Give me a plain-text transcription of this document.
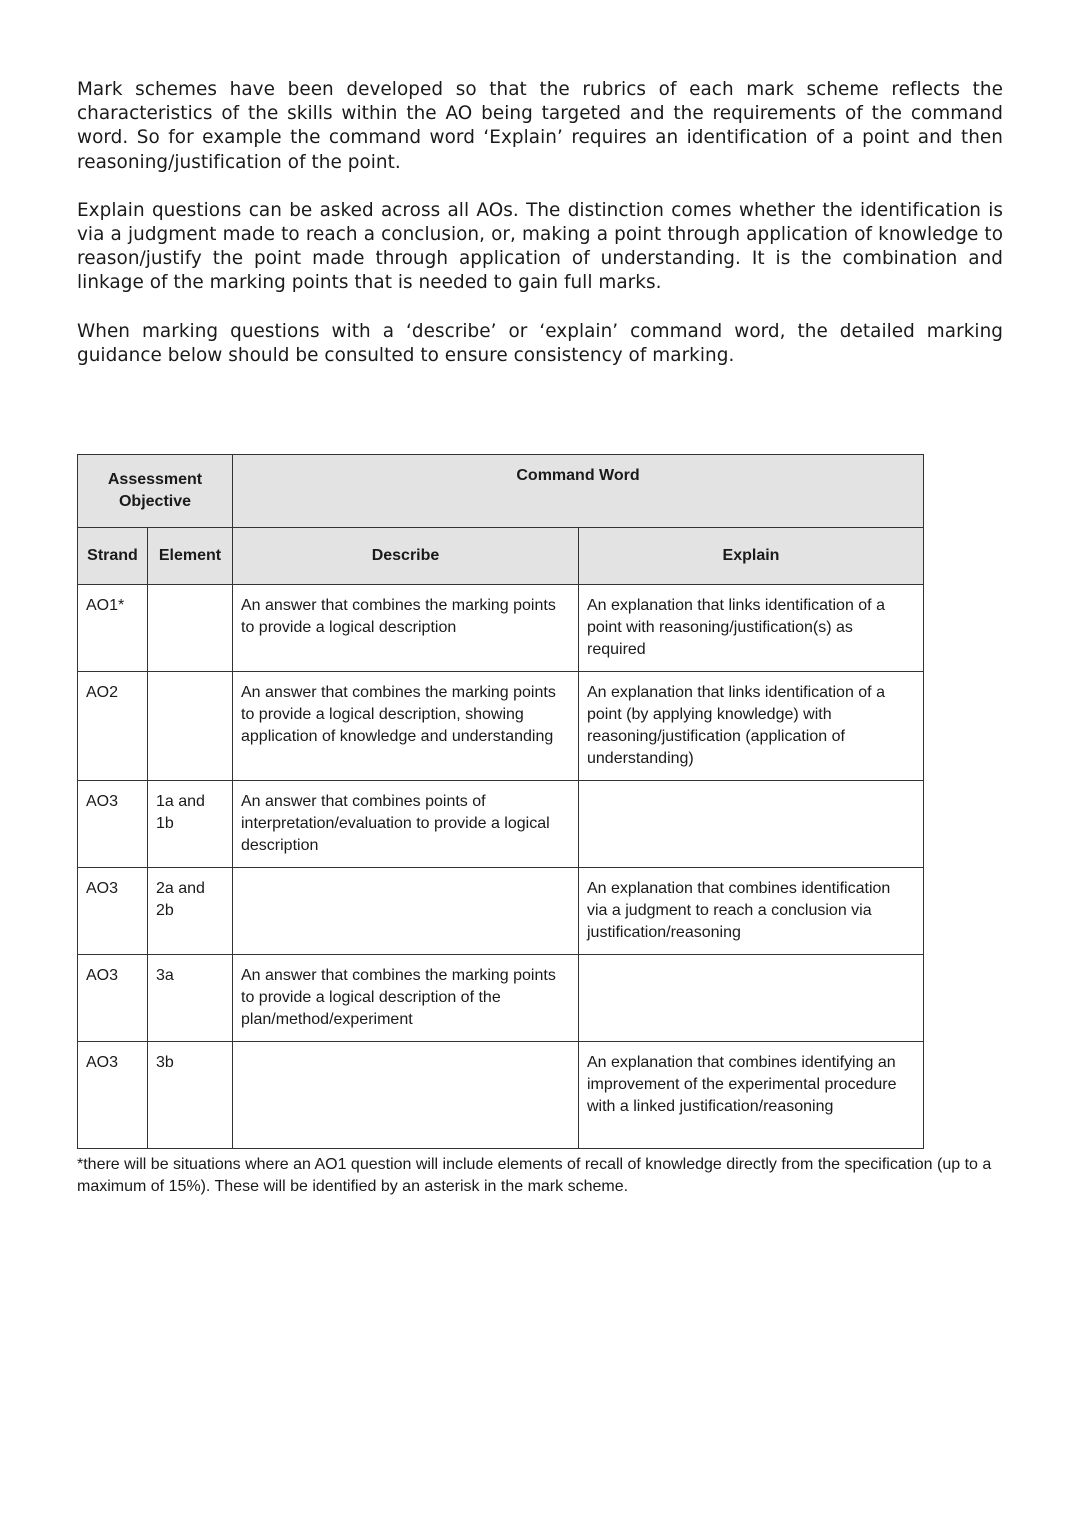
Mark schemes have been developed so that the rubrics of each mark scheme reflects the characteristics of the skills within the AO being targeted and the requirements of the command word. So for example the command word ‘Explain’ requires an identification of a point and then reasoning/justification of the point.

Explain questions can be asked across all AOs. The distinction comes whether the identification is via a judgment made to reach a conclusion, or, making a point through application of knowledge to reason/justify the point made through application of understanding. It is the combination and linkage of the marking points that is needed to gain full marks.

When marking questions with a ‘describe’ or ‘explain’ command word, the detailed marking guidance below should be consulted to ensure consistency of marking.

Assessment Objective		Command Word	
Strand	Element	Describe	Explain

AO1*		An answer that combines the marking points to provide a logical description	An explanation that links identification of a point with reasoning/justification(s) as required

AO2		An answer that combines the marking points to provide a logical description, showing application of knowledge and understanding	An explanation that links identification of a point (by applying knowledge) with reasoning/justification (application of understanding)

AO3	1a and 1b	An answer that combines points of interpretation/evaluation to provide a logical description	

AO3	2a and 2b		An explanation that combines identification via a judgment to reach a conclusion via justification/reasoning

AO3	3a	An answer that combines the marking points to provide a logical description of the plan/method/experiment	

AO3	3b		An explanation that combines identifying an improvement of the experimental procedure with a linked justification/reasoning

*there will be situations where an AO1 question will include elements of recall of knowledge directly from the specification (up to a maximum of 15%). These will be identified by an asterisk in the mark scheme.
